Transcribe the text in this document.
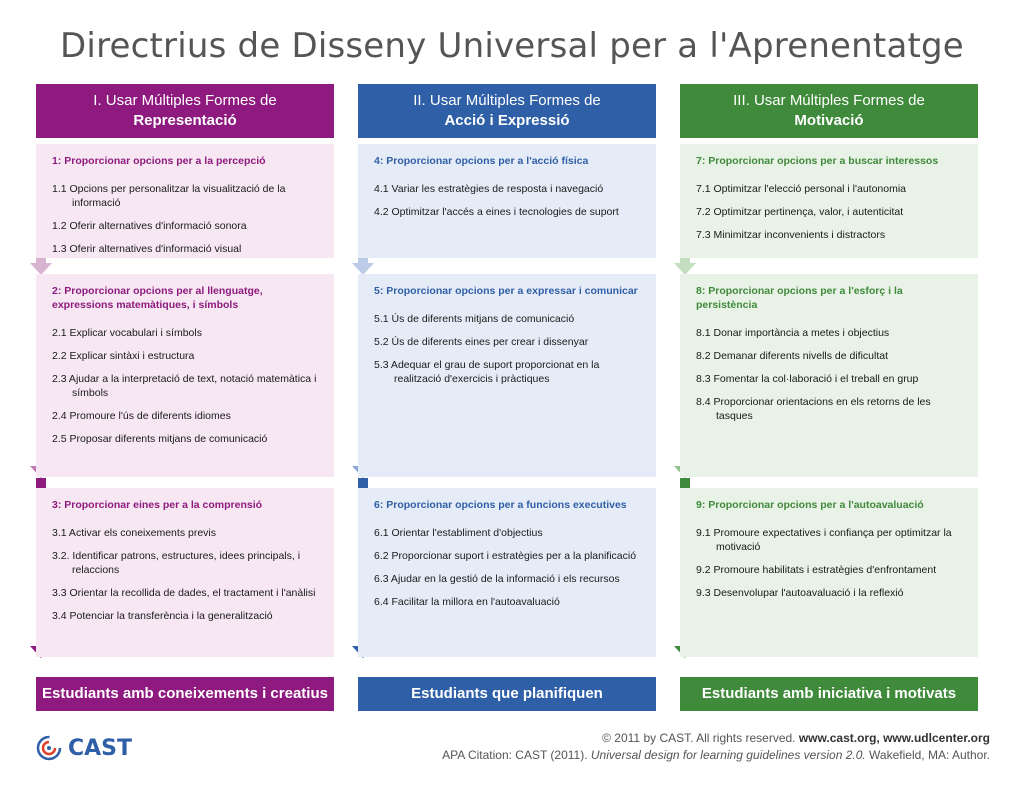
Directrius de Disseny Universal per a l'Aprenentatge
I. Usar Múltiples Formes de
Representació
1: Proporcionar opcions per a la percepció
1.1 Opcions per personalitzar la visualització de la informació
1.2 Oferir alternatives d'informació sonora
1.3 Oferir alternatives d'informació visual
2: Proporcionar opcions per al llenguatge, expressions matemàtiques, i símbols
2.1 Explicar vocabulari i símbols
2.2 Explicar sintàxi i estructura
2.3 Ajudar a la interpretació de text, notació matemàtica i símbols
2.4 Promoure l'ús de diferents idiomes
2.5 Proposar diferents mitjans de comunicació
3: Proporcionar eines per a la comprensió
3.1 Activar els coneixements previs
3.2. Identificar patrons, estructures, idees principals, i relaccions
3.3 Orientar la recollida de dades, el tractament i l'anàlisi
3.4 Potenciar la transferència i la generalització
Estudiants amb coneixements i creatius
II. Usar Múltiples Formes de
Acció i Expressió
4: Proporcionar opcions per a l'acció física
4.1 Variar les estratègies de resposta i navegació
4.2 Optimitzar l'accés a eines i tecnologies de suport
5: Proporcionar opcions per a expressar i comunicar
5.1 Ús de diferents mitjans de comunicació
5.2 Ús de diferents eines per crear i dissenyar
5.3 Adequar el grau de suport proporcionat en la realització d'exercicis i pràctiques
6: Proporcionar opcions per a funcions executives
6.1 Orientar l'establiment d'objectius
6.2 Proporcionar suport i estratègies per a la planificació
6.3 Ajudar en la gestió de la informació i els recursos
6.4 Facilitar la millora en l'autoavaluació
Estudiants que planifiquen
III. Usar Múltiples Formes de
Motivació
7: Proporcionar opcions per a buscar interessos
7.1 Optimitzar l'elecció personal i l'autonomia
7.2 Optimitzar pertinença, valor, i autenticitat
7.3 Minimitzar inconvenients i distractors
8: Proporcionar opcions per a l'esforç i la persistència
8.1 Donar importància a metes i objectius
8.2 Demanar diferents nivells de dificultat
8.3 Fomentar la col·laboració i el treball en grup
8.4 Proporcionar orientacions en els retorns de les tasques
9: Proporcionar opcions per a l'autoavaluació
9.1 Promoure expectatives i confiança per optimitzar la motivació
9.2 Promoure habilitats i estratègies d'enfrontament
9.3 Desenvolupar l'autoavaluació i la reflexió
Estudiants amb iniciativa i motivats
CAST	© 2011 by CAST. All rights reserved. www.cast.org, www.udlcenter.org
APA Citation: CAST (2011). Universal design for learning guidelines version 2.0. Wakefield, MA: Author.
